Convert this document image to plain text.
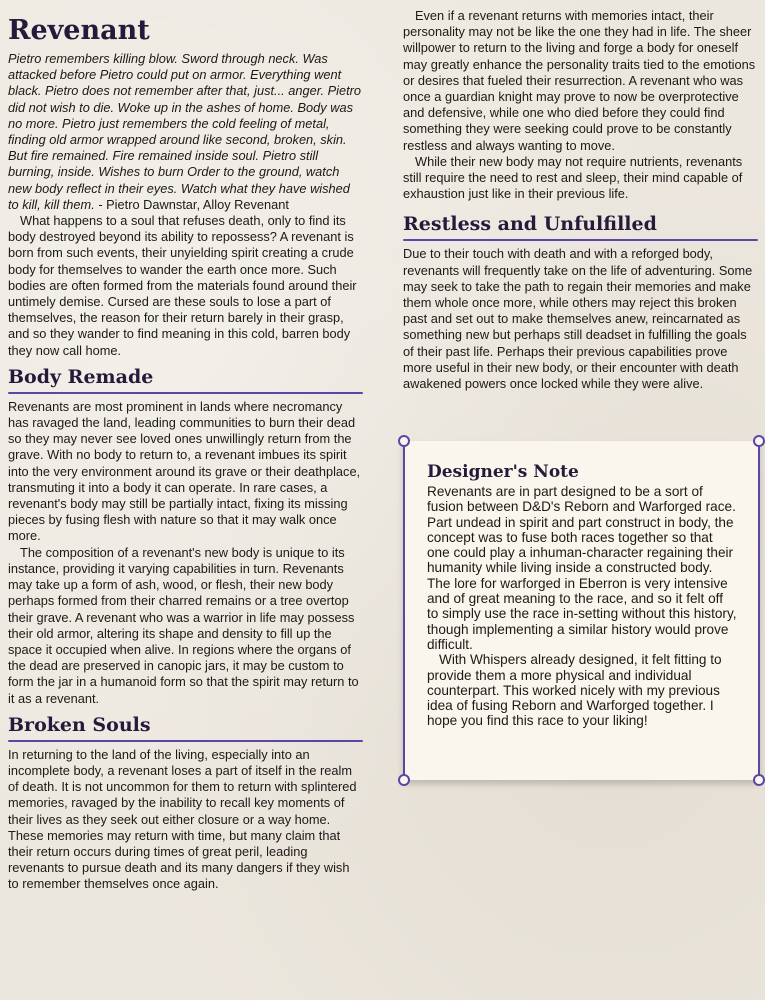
Revenant
Pietro remembers killing blow. Sword through neck. Was attacked before Pietro could put on armor. Everything went black. Pietro does not remember after that, just... anger. Pietro did not wish to die. Woke up in the ashes of home. Body was no more. Pietro just remembers the cold feeling of metal, finding old armor wrapped around like second, broken, skin. But fire remained. Fire remained inside soul. Pietro still burning, inside. Wishes to burn Order to the ground, watch new body reflect in their eyes. Watch what they have wished to kill, kill them. - Pietro Dawnstar, Alloy Revenant

What happens to a soul that refuses death, only to find its body destroyed beyond its ability to repossess? A revenant is born from such events, their unyielding spirit creating a crude body for themselves to wander the earth once more. Such bodies are often formed from the materials found around their untimely demise. Cursed are these souls to lose a part of themselves, the reason for their return barely in their grasp, and so they wander to find meaning in this cold, barren body they now call home.

Body Remade

Revenants are most prominent in lands where necromancy has ravaged the land, leading communities to burn their dead so they may never see loved ones unwillingly return from the grave. With no body to return to, a revenant imbues its spirit into the very environment around its grave or their deathplace, transmuting it into a body it can operate. In rare cases, a revenant's body may still be partially intact, fixing its missing pieces by fusing flesh with nature so that it may walk once more.

The composition of a revenant's new body is unique to its instance, providing it varying capabilities in turn. Revenants may take up a form of ash, wood, or flesh, their new body perhaps formed from their charred remains or a tree overtop their grave. A revenant who was a warrior in life may possess their old armor, altering its shape and density to fill up the space it occupied when alive. In regions where the organs of the dead are preserved in canopic jars, it may be custom to form the jar in a humanoid form so that the spirit may return to it as a revenant.

Broken Souls

In returning to the land of the living, especially into an incomplete body, a revenant loses a part of itself in the realm of death. It is not uncommon for them to return with splintered memories, ravaged by the inability to recall key moments of their lives as they seek out either closure or a way home. These memories may return with time, but many claim that their return occurs during times of great peril, leading revenants to pursue death and its many dangers if they wish to remember themselves once again.

Even if a revenant returns with memories intact, their personality may not be like the one they had in life. The sheer willpower to return to the living and forge a body for oneself may greatly enhance the personality traits tied to the emotions or desires that fueled their resurrection. A revenant who was once a guardian knight may prove to now be overprotective and defensive, while one who died before they could find something they were seeking could prove to be constantly restless and always wanting to move.

While their new body may not require nutrients, revenants still require the need to rest and sleep, their mind capable of exhaustion just like in their previous life.

Restless and Unfulfilled

Due to their touch with death and with a reforged body, revenants will frequently take on the life of adventuring. Some may seek to take the path to regain their memories and make them whole once more, while others may reject this broken past and set out to make themselves anew, reincarnated as something new but perhaps still deadset in fulfilling the goals of their past life. Perhaps their previous capabilities prove more useful in their new body, or their encounter with death awakened powers once locked while they were alive.

Designer's Note

Revenants are in part designed to be a sort of fusion between D&D's Reborn and Warforged race. Part undead in spirit and part construct in body, the concept was to fuse both races together so that one could play a inhuman-character regaining their humanity while living inside a constructed body. The lore for warforged in Eberron is very intensive and of great meaning to the race, and so it felt off to simply use the race in-setting without this history, though implementing a similar history would prove difficult.

With Whispers already designed, it felt fitting to provide them a more physical and individual counterpart. This worked nicely with my previous idea of fusing Reborn and Warforged together. I hope you find this race to your liking!
